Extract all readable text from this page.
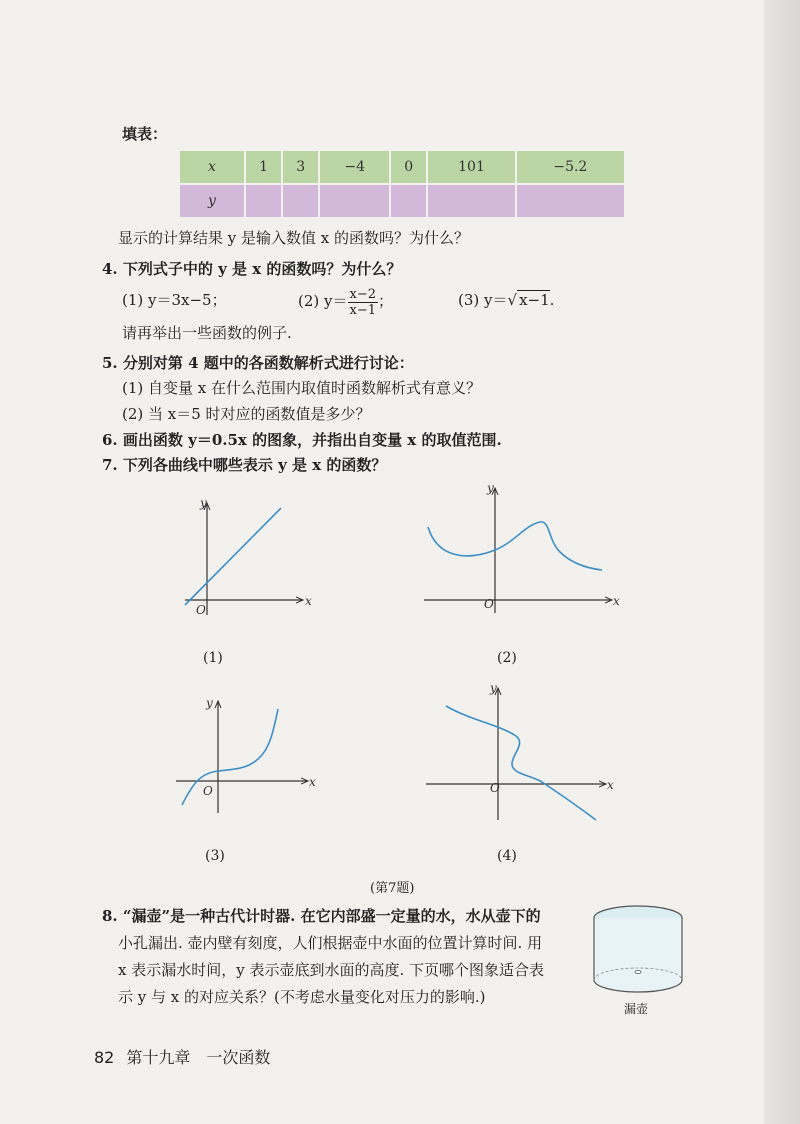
填表：
x	1	3	−4	0	101	−5.2
y						
显示的计算结果 y 是输入数值 x 的函数吗？为什么？
4. 下列式子中的 y 是 x 的函数吗？为什么？
(1) y＝3x−5；	(2) $y= \frac{x-2}{x-1}$ ；	(3) y＝√ x−1.
请再举出一些函数的例子.
5. 分别对第 4 题中的各函数解析式进行讨论：
(1) 自变量 x 在什么范围内取值时函数解析式有意义？
(2) 当 x＝5 时对应的函数值是多少？
6. 画出函数 y＝0.5x 的图象，并指出自变量 x 的取值范围.
7. 下列各曲线中哪些表示 y 是 x 的函数？
x
y
O
(1)
x
y
O
(2)
x
y
O
(3)
x
y
O
(4)
(第7题)
8. “漏壶”是一种古代计时器. 在它内部盛一定量的水，水从壶下的
小孔漏出. 壶内壁有刻度，人们根据壶中水面的位置计算时间. 用
x 表示漏水时间，y 表示壶底到水面的高度. 下页哪个图象适合表
示 y 与 x 的对应关系？(不考虑水量变化对压力的影响.)
漏壶
82 第十九章 一次函数
